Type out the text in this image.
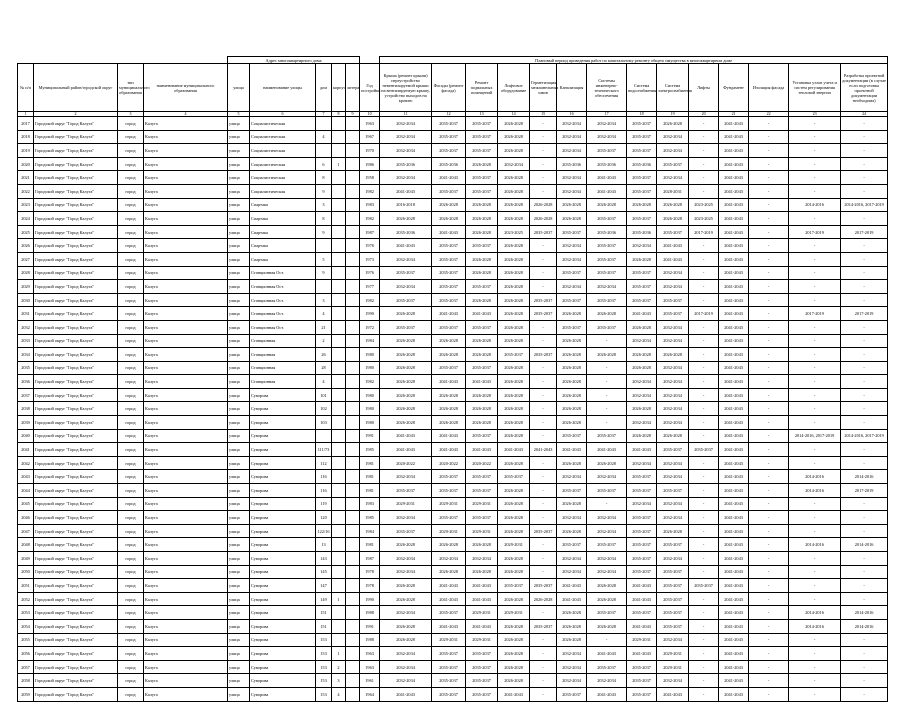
				Адрес многоквартирного дома						Плановый период проведения работ по капитальному ремонту общего имущества в многоквартирном доме														
№ п/п	Муниципальный район/городской округ	тип муниципального образования	наименование муниципального образования	улица	наименование улицы	дом	корпус	литера	Год постройки	Крыша (ремонт крыши) переустройство невентилируемой крыши на вентилируемую крышу, устройство выходов на кровлю	Фасады (ремонт фасада)	Ремонт подвальных помещений	Лифтовое оборудование	Герметизация межпанельных швов	Канализация	Системы инженерно-технического обеспечения	Система водоснабжения	Система электроснабжения	Лифты	Фундамент	Изоляция фасада	Установка узлов учета и систем регулирования тепловой энергии	Разработка проектной документации (в случае если подготовка проектной документации необходима)	
1	2	3	4	5	6	7	8	9	10	11	12	13	14	15	16	17	18	19	20	21	22	23	24	
2017	Городской округ "Город Калуга"	город	Калуга	улица	Социалистическая				1963	2032-2034	2035-2037	2035-2037	2026-2028	-	2032-2034	2032-2034	2035-2037	2026-2028	-	2041-2043	-	-	-	
2018	Городской округ "Город Калуга"	город	Калуга	улица	Социалистическая	4			1967	2032-2034	2035-2037	2035-2037	2026-2028	-	2032-2034	2032-2034	2035-2037	2032-2034	-	2041-2043	-	-	-	
2019	Городской округ "Город Калуга"	город	Калуга	улица	Социалистическая				1970	2032-2034	2035-2037	2035-2037	2026-2028	-	2032-2034	2035-2037	2035-2037	2032-2034	-	2041-2043	-	-	-	
2020	Городской округ "Город Калуга"	город	Калуга	улица	Социалистическая	6	1		1986	2035-2036	2035-2036	2026-2028	2032-2034	-	2035-2036	2035-2036	2035-2036	2035-2037	-	2041-2043	-	-	-	
2021	Городской округ "Город Калуга"	город	Калуга	улица	Социалистическая	8			1958	2032-2034	2041-2043	2035-2037	2026-2028	-	2032-2034	2041-2043	2035-2037	2032-2034	-	2041-2043	-	-	-	
2022	Городской округ "Город Калуга"	город	Калуга	улица	Социалистическая	9			1982	2041-2043	2035-2037	2035-2037	2026-2028	-	2032-2034	2041-2043	2035-2037	2028-2031	-	2041-2043	-	-	-	
2023	Городской округ "Город Калуга"	город	Калуга	улица	Спартака	3			1983	2016-2018	2026-2028	2026-2028	2026-2028	2026-2028	2026-2028	2026-2028	2026-2028	2026-2028	2023-2025	2041-2043	-	2014-2016	2014-2016, 2017-2019	
2024	Городской округ "Город Калуга"	город	Калуга	улица	Спартака	8			1982	2026-2028	2026-2028	2026-2028	2026-2028	2026-2028	2026-2028	2035-2037	2035-2037	2026-2028	2023-2025	2041-2043	-	-	-	
2025	Городской округ "Город Калуга"	город	Калуга	улица	Спартака	9			1987	2035-2036	2041-2043	2026-2028	2023-2025	2035-2037	2035-2037	2035-2036	2035-2036	2035-2037	2017-2019	2041-2043	-	2017-2019	2017-2019	
2026	Городской округ "Город Калуга"	город	Калуга	улица	Спартака				1976	2041-2043	2035-2037	2035-2037	2026-2028	-	2032-2034	2035-2037	2032-2034	2041-2043	-	2041-2043	-	-	-	
2027	Городской округ "Город Калуга"	город	Калуга	улица	Спартака	5			1973	2032-2034	2035-2037	2026-2028	2026-2028	-	2032-2034	2035-2037	2026-2028	2041-2043	-	2041-2043	-	-	-	
2028	Городской округ "Город Калуга"	город	Калуга	улица	Станционная Ост.	9			1976	2035-2037	2035-2037	2026-2028	2026-2028	-	2035-2037	2035-2037	2035-2037	2032-2034	-	2041-2043	-	-	-	
2029	Городской округ "Город Калуга"	город	Калуга	улица	Станционная Ост.				1977	2032-2034	2035-2037	2035-2037	2026-2028	-	2032-2034	2032-2034	2035-2037	2032-2034	-	2041-2043	-	-	-	
2030	Городской округ "Город Калуга"	город	Калуга	улица	Станционная Ост.	3			1982	2035-2037	2035-2037	2026-2028	2026-2028	2035-2037	2035-2037	2035-2037	2035-2037	2035-2037	-	2041-2043	-	-	-	
2031	Городской округ "Город Калуга"	город	Калуга	улица	Станционная Ост.	4			1990	2026-2028	2041-2043	2041-2043	2026-2028	2035-2037	2026-2028	2026-2028	2041-2043	2035-2037	2017-2019	2041-2043	-	2017-2019	2017-2019	
2032	Городской округ "Город Калуга"	город	Калуга	улица	Станционная Ост.	21			1972	2035-2037	2035-2037	2035-2037	2026-2028	-	2035-2037	2035-2037	2026-2028	2032-2034	-	2041-2043	-	-	-	
2033	Городской округ "Город Калуга"	город	Калуга	улица	Станционная	2			1984	2026-2028	2026-2028	2026-2028	2026-2028	-	2026-2028	-	2032-2034	2032-2034	-	2041-2043	-	-	-	
2034	Городской округ "Город Калуга"	город	Калуга	улица	Станционная	26			1980	2026-2028	2026-2028	2026-2028	2035-2037	2035-2037	2026-2028	2026-2028	2026-2028	2026-2028	-	2041-2043	-	-	-	
2035	Городской округ "Город Калуга"	город	Калуга	улица	Станционная	28			1980	2026-2028	2035-2037	2035-2037	2026-2028	-	2026-2028	-	2026-2028	2032-2034	-	2041-2043	-	-	-	
2036	Городской округ "Город Калуга"	город	Калуга	улица	Станционная	4			1982	2026-2028	2041-2043	2041-2043	2026-2028	-	2026-2028	-	2032-2034	2032-2034	-	2041-2043	-	-	-	
2037	Городской округ "Город Калуга"	город	Калуга	улица	Суворова	101			1980	2026-2028	2026-2028	2026-2028	2026-2028	-	2026-2028	-	2032-2034	2032-2034	-	2041-2043	-	-	-	
2038	Городской округ "Город Калуга"	город	Калуга	улица	Суворова	102			1980	2026-2028	2026-2028	2026-2028	2026-2028	-	2026-2028	-	2026-2028	2032-2034	-	2041-2043	-	-	-	
2039	Городской округ "Город Калуга"	город	Калуга	улица	Суворова	103			1980	2026-2028	2026-2028	2026-2028	2026-2028	-	2026-2028	-	2032-2034	2032-2034	-	2041-2043	-	-	-	
2040	Городской округ "Город Калуга"	город	Калуга	улица	Суворова				1991	2041-2043	2041-2043	2035-2037	2026-2028	-	2035-2037	2035-2037	2026-2028	2026-2028	-	2041-2043	-	2014-2016, 2017-2019	2014-2016, 2017-2019	
2041	Городской округ "Город Калуга"	город	Калуга	улица	Суворова	111/73			1985	2041-2043	2041-2043	2041-2043	2041-2043	2041-2043	2041-2043	2041-2043	2041-2043	2035-2037	2035-2037	2041-2043	-	-	-	
2042	Городской округ "Город Калуга"	город	Калуга	улица	Суворова	112			1981	2020-2022	2020-2022	2020-2022	2026-2028	-	2026-2028	2026-2028	2032-2034	2032-2034	-	2041-2043	-	-	-	
2043	Городской округ "Город Калуга"	город	Калуга	улица	Суворова	116			1981	2032-2034	2035-2037	2035-2037	2035-2037	-	2032-2034	2032-2034	2035-2037	2032-2034	-	2041-2043	-	2014-2016	2014-2016	
2044	Городской округ "Город Калуга"	город	Калуга	улица	Суворова	116			1981	2035-2037	2035-2037	2035-2037	2026-2028	-	2035-2037	2035-2037	2035-2037	2035-2037	-	2041-2043	-	2014-2016	2017-2019	
2045	Городской округ "Город Калуга"	город	Калуга	улица	Суворова	119			1983	2029-2031	2029-2031	2029-2031	2026-2028	-	2026-2028	-	2032-2034	2032-2034	-	2041-2043	-	-	-	
2046	Городской округ "Город Калуга"	город	Калуга	улица	Суворова	120			1985	2032-2034	2035-2037	2035-2037	2026-2028	-	2032-2034	2032-2034	2035-2037	2032-2034	-	2041-2043	-	-	-	
2047	Городской округ "Город Калуга"	город	Калуга	улица	Суворова	122/16			1984	2035-2037	2029-2031	2029-2031	2026-2028	2035-2037	2026-2028	2032-2034	2035-2037	2026-2028	-	2041-2043	-	-	-	
2048	Городской округ "Город Калуга"	город	Калуга	улица	Суворова	13			1981	2026-2028	2026-2028	2026-2028	2029-2031	-	2035-2037	2035-2037	2035-2037	2035-2037	-	2041-2043	-	2014-2016	2014-2016	
2049	Городской округ "Город Калуга"	город	Калуга	улица	Суворова	143			1987	2032-2034	2032-2034	2032-2034	2026-2028	-	2032-2034	2032-2034	2035-2037	2032-2034	-	2041-2043	-	-	-	
2050	Городской округ "Город Калуга"	город	Калуга	улица	Суворова	145			1978	2032-2034	2026-2028	2026-2028	2026-2028	-	2032-2034	2032-2034	2035-2037	2035-2037	-	2041-2043	-	-	-	
2051	Городской округ "Город Калуга"	город	Калуга	улица	Суворова	147			1978	2026-2028	2041-2043	2041-2043	2035-2037	2035-2037	2041-2043	2026-2028	2041-2043	2035-2037	2035-2037	2041-2043	-	-	-	
2052	Городской округ "Город Калуга"	город	Калуга	улица	Суворова	149	1		1990	2026-2028	2041-2043	2041-2043	2026-2028	2026-2028	2041-2043	2026-2028	2041-2043	2035-2037	-	2041-2043	-	-	-	
2053	Городской округ "Город Калуга"	город	Калуга	улица	Суворова	151			1988	2032-2034	2035-2037	2029-2031	2029-2031	-	2026-2028	2035-2037	2035-2037	2035-2037	-	2041-2043	-	2014-2016	2014-2016	
2054	Городской округ "Город Калуга"	город	Калуга	улица	Суворова	151			1991	2026-2028	2041-2043	2041-2043	2026-2028	2035-2037	2026-2028	2026-2028	2041-2043	2035-2037	-	2041-2043	-	2014-2016	2014-2016	
2055	Городской округ "Город Калуга"	город	Калуга	улица	Суворова	153			1988	2026-2028	2029-2031	2029-2031	2026-2028	-	2026-2028	-	2029-2031	2032-2034	-	2041-2043	-	-	-	
2056	Городской округ "Город Калуга"	город	Калуга	улица	Суворова	153	1		1963	2032-2034	2035-2037	2035-2037	2026-2028	-	2032-2034	2041-2043	2041-2043	2029-2031	-	2041-2043	-	-	-	
2057	Городской округ "Город Калуга"	город	Калуга	улица	Суворова	153	2		1963	2032-2034	2035-2037	2035-2037	2026-2028	-	2032-2034	2035-2037	2035-2037	2029-2031	-	2041-2043	-	-	-	
2058	Городской округ "Город Калуга"	город	Калуга	улица	Суворова	153	3		1961	2032-2034	2035-2037	2035-2037	2026-2028	-	2032-2034	2032-2034	2035-2037	2032-2034	-	2041-2043	-	-	-	
2059	Городской округ "Город Калуга"	город	Калуга	улица	Суворова	153	4		1964	2041-2043	2035-2037	2035-2037	2041-2043	-	2035-2037	2041-2043	2035-2037	2041-2043	-	2041-2043	-	-	-	
